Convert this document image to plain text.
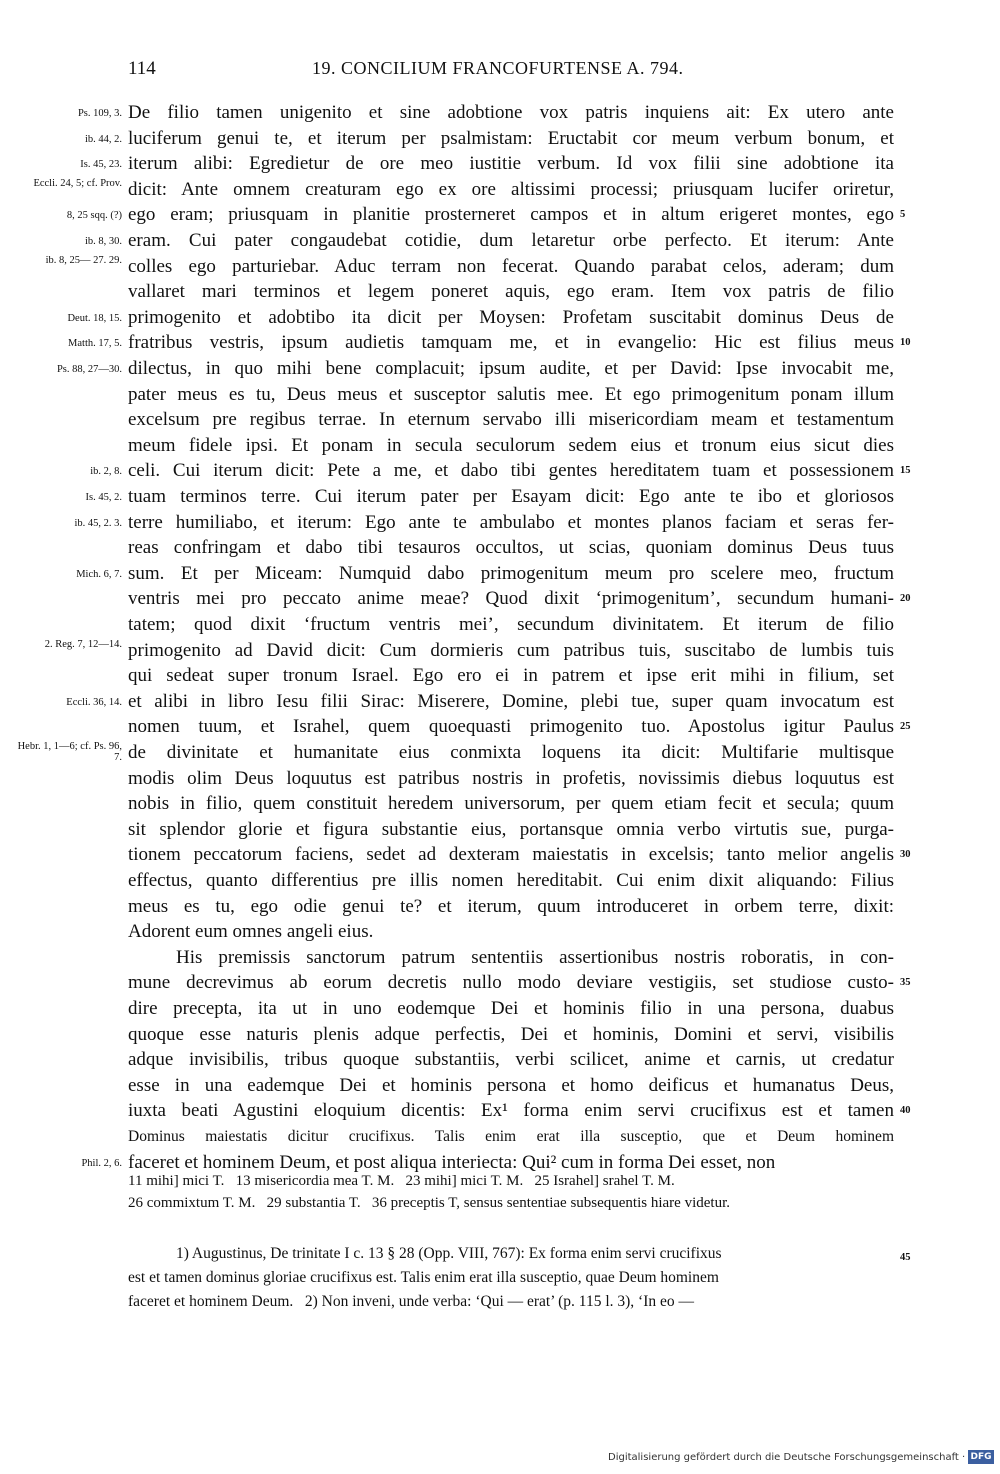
114	19. CONCILIUM FRANCOFURTENSE A. 794.
De filio tamen unigenito et sine adobtione vox patris inquiens ait: Ex utero ante
luciferum genui te, et iterum per psalmistam: Eructabit cor meum verbum bonum, et
iterum alibi: Egredietur de ore meo iustitie verbum. Id vox filii sine adobtione ita
dicit: Ante omnem creaturam ego ex ore altissimi processi; priusquam lucifer oriretur,
ego eram; priusquam in planitie prosterneret campos et in altum erigeret montes, ego
eram. Cui pater congaudebat cotidie, dum letaretur orbe perfecto. Et iterum: Ante
colles ego parturiebar. Aduc terram non fecerat. Quando parabat celos, aderam; dum
vallaret mari terminos et legem poneret aquis, ego eram. Item vox patris de filio
primogenito et adobtibo ita dicit per Moysen: Profetam suscitabit dominus Deus de
fratribus vestris, ipsum audietis tamquam me, et in evangelio: Hic est filius meus
dilectus, in quo mihi bene complacuit; ipsum audite, et per David: Ipse invocabit me,
pater meus es tu, Deus meus et susceptor salutis mee. Et ego primogenitum ponam illum
excelsum pre regibus terrae. In eternum servabo illi misericordiam meam et testamentum
meum fidele ipsi. Et ponam in secula seculorum sedem eius et tronum eius sicut dies
celi. Cui iterum dicit: Pete a me, et dabo tibi gentes hereditatem tuam et possessionem
tuam terminos terre. Cui iterum pater per Esayam dicit: Ego ante te ibo et gloriosos
terre humiliabo, et iterum: Ego ante te ambulabo et montes planos faciam et seras fer-
reas confringam et dabo tibi tesauros occultos, ut scias, quoniam dominus Deus tuus
sum. Et per Miceam: Numquid dabo primogenitum meum pro scelere meo, fructum
ventris mei pro peccato anime meae? Quod dixit ‘primogenitum’, secundum humani-
tatem; quod dixit ‘fructum ventris mei’, secundum divinitatem. Et iterum de filio
primogenito ad David dicit: Cum dormieris cum patribus tuis, suscitabo de lumbis tuis
qui sedeat super tronum Israel. Ego ero ei in patrem et ipse erit mihi in filium, set
et alibi in libro Iesu filii Sirac: Miserere, Domine, plebi tue, super quam invocatum est
nomen tuum, et Israhel, quem quoequasti primogenito tuo. Apostolus igitur Paulus
de divinitate et humanitate eius conmixta loquens ita dicit: Multifarie multisque
modis olim Deus loquutus est patribus nostris in profetis, novissimis diebus loquutus est
nobis in filio, quem constituit heredem universorum, per quem etiam fecit et secula; quum
sit splendor glorie et figura substantie eius, portansque omnia verbo virtutis sue, purga-
tionem peccatorum faciens, sedet ad dexteram maiestatis in excelsis; tanto melior angelis
effectus, quanto differentius pre illis nomen hereditabit. Cui enim dixit aliquando: Filius
meus es tu, ego odie genui te? et iterum, quum introduceret in orbem terre, dixit:
Adorent eum omnes angeli eius.
His premissis sanctorum patrum sententiis assertionibus nostris roboratis, in con-
mune decrevimus ab eorum decretis nullo modo deviare vestigiis, set studiose custo-
dire precepta, ita ut in uno eodemque Dei et hominis filio in una persona, duabus
quoque esse naturis plenis adque perfectis, Dei et hominis, Domini et servi, visibilis
adque invisibilis, tribus quoque substantiis, verbi scilicet, anime et carnis, ut credatur
esse in una eademque Dei et hominis persona et homo deificus et humanatus Deus,
iuxta beati Agustini eloquium dicentis: Ex¹ forma enim servi crucifixus est et tamen
Dominus maiestatis dicitur crucifixus. Talis enim erat illa susceptio, que et Deum hominem
faceret et hominem Deum, et post aliqua interiecta: Qui² cum in forma Dei esset, non
Ps. 109, 3.
ib. 44, 2.
Is. 45, 23.
Eccli. 24, 5; cf. Prov.
8, 25 sqq. (?)
ib. 8, 30.
ib. 8, 25— 27. 29.
Deut. 18, 15.
Matth. 17, 5.
Ps. 88, 27—30.
ib. 2, 8.
Is. 45, 2.
ib. 45, 2. 3.
Mich. 6, 7.
2. Reg. 7, 12—14.
Eccli. 36, 14.
Hebr. 1, 1—6; cf. Ps. 96, 7.
Phil. 2, 6.
5
10
15
20
25
30
35
40
11 mihi] mici T.   13 misericordia mea T. M.   23 mihi] mici T. M.   25 Israhel] srahel T. M.
26 commixtum T. M.   29 substantia T.   36 preceptis T, sensus sententiae subsequentis hiare videtur.
1) Augustinus, De trinitate I c. 13 § 28 (Opp. VIII, 767): Ex forma enim servi crucifixus
est et tamen dominus gloriae crucifixus est. Talis enim erat illa susceptio, quae Deum hominem
faceret et hominem Deum.   2) Non inveni, unde verba: ‘Qui — erat’ (p. 115 l. 3), ‘In eo —
45
Digitalisierung gefördert durch die Deutsche Forschungsgemeinschaft · DFG
